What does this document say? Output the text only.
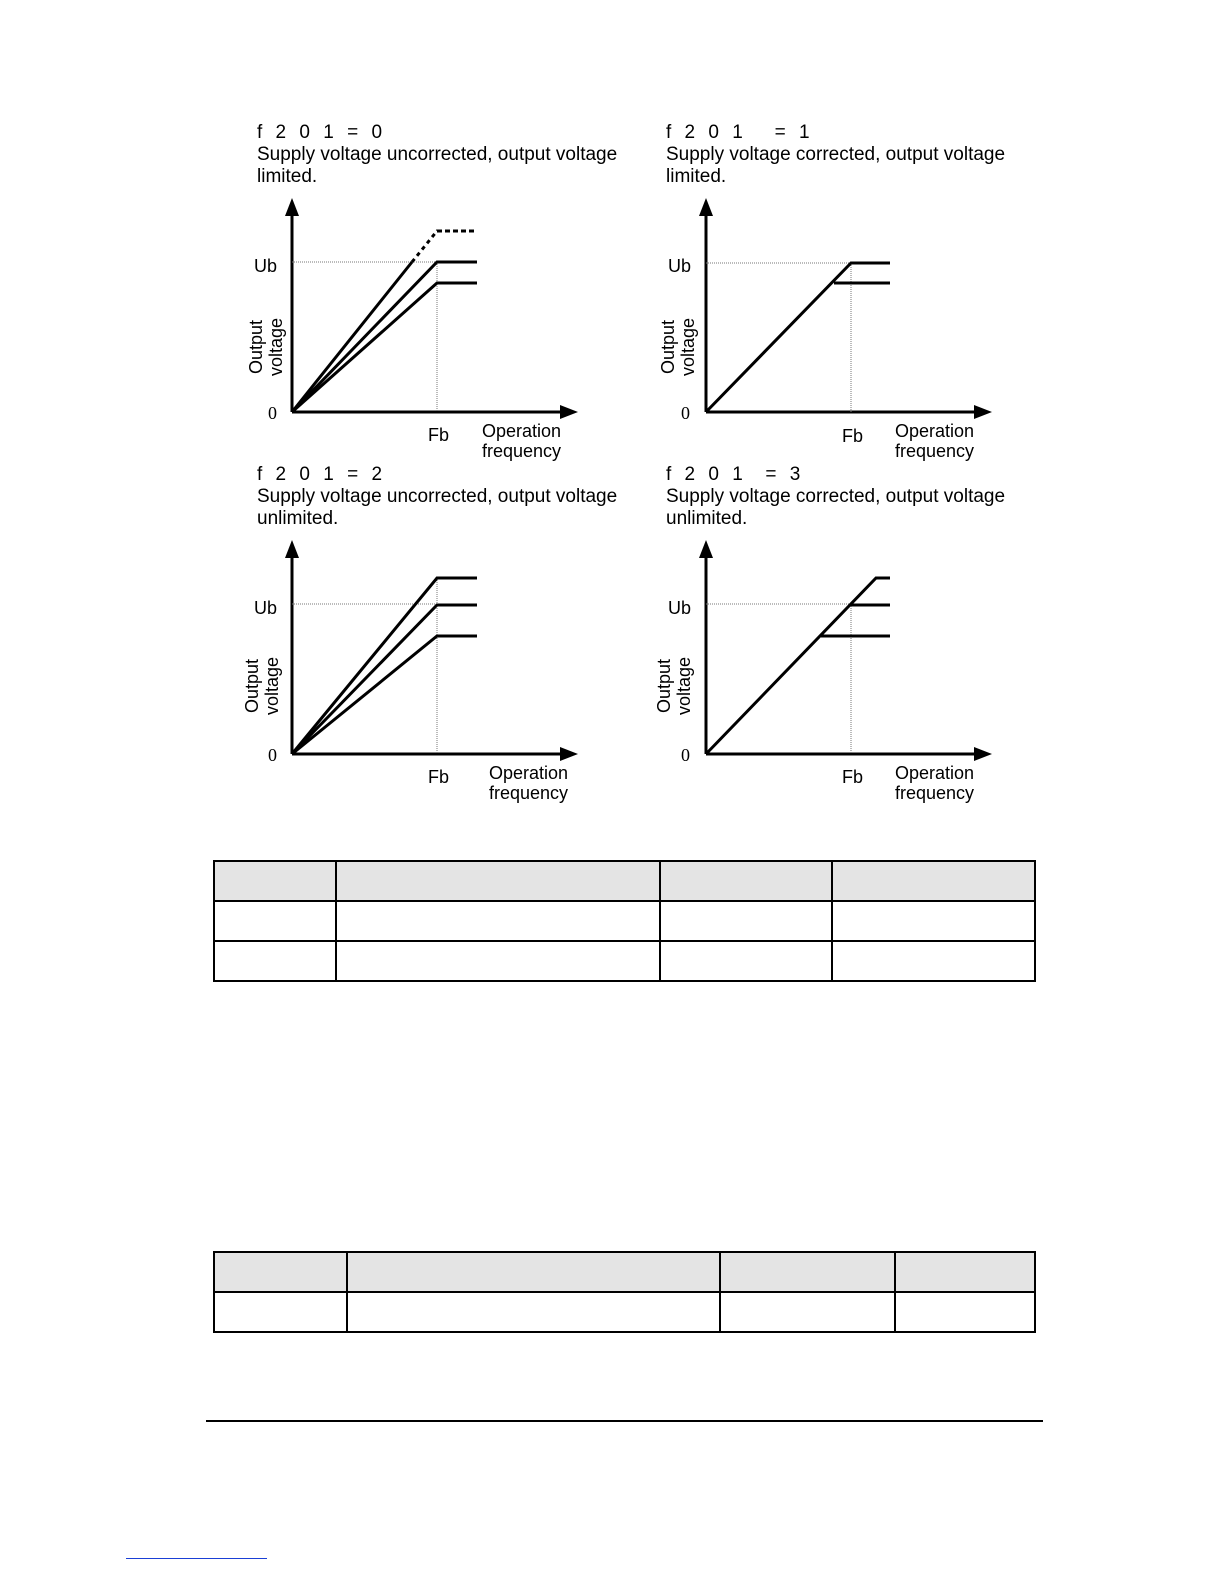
f 2 0 1 = 0
Supply voltage uncorrected, output voltage
limited.
Ub
Output voltage
0
Fb Operation
frequency
f 2 0 1   = 1
Supply voltage corrected, output voltage
limited.
Ub
Output voltage
0
Fb Operation
frequency
f 2 0 1 = 2
Supply voltage uncorrected, output voltage
unlimited.
Ub
Output voltage
0
Fb Operation
frequency
f 2 0 1  = 3
Supply voltage corrected, output voltage
unlimited.
Ub
Output voltage
0
Fb Operation
frequency
